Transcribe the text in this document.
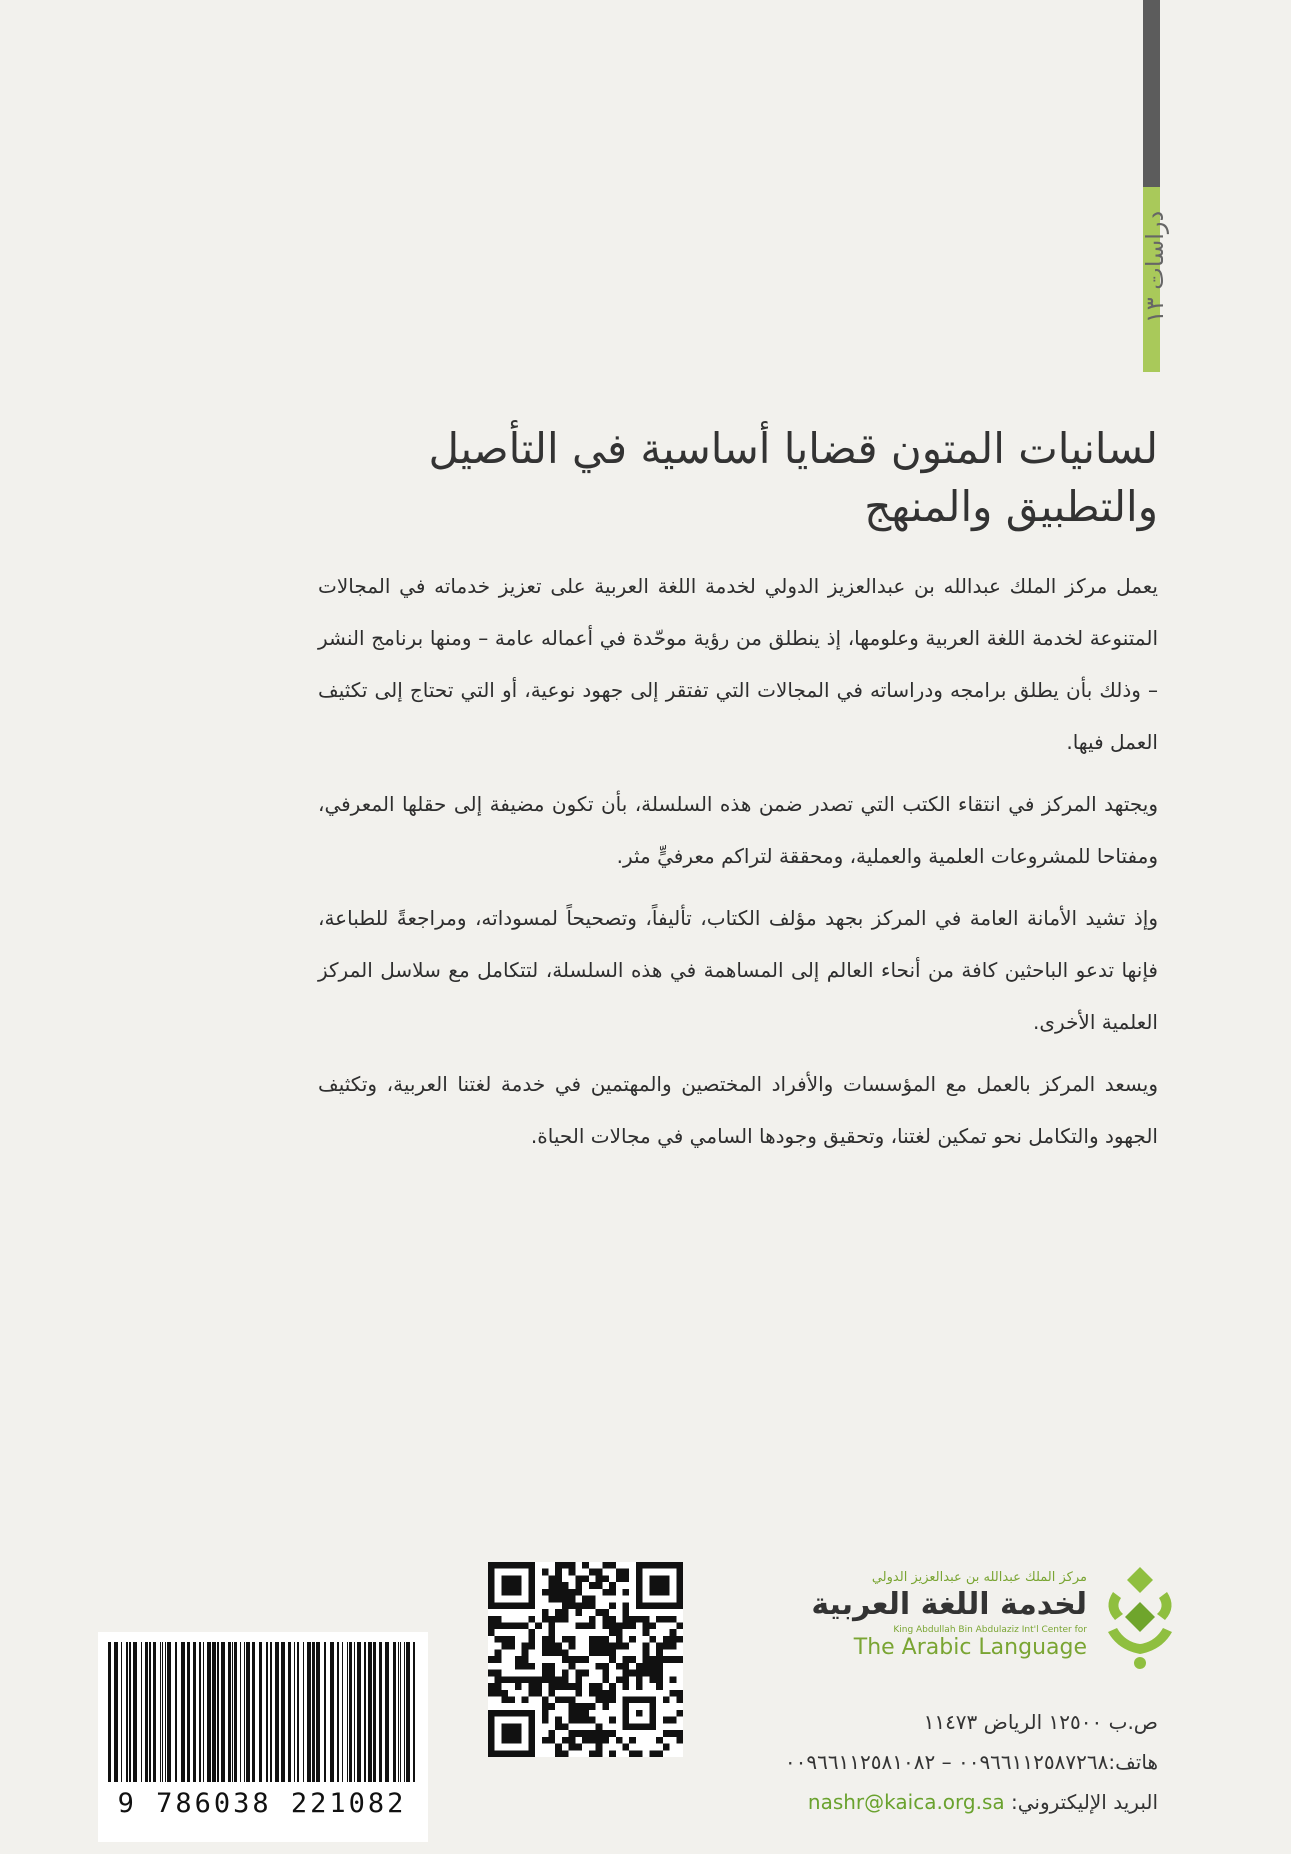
دراسات ١٣
لسانيات المتون قضايا أساسية في التأصيل
والتطبيق والمنهج

يعمل مركز الملك عبدالله بن عبدالعزيز الدولي لخدمة اللغة العربية على تعزيز خدماته في المجالات المتنوعة لخدمة اللغة العربية وعلومها، إذ ينطلق من رؤية موحّدة في أعماله عامة – ومنها برنامج النشر – وذلك بأن يطلق برامجه ودراساته في المجالات التي تفتقر إلى جهود نوعية، أو التي تحتاج إلى تكثيف العمل فيها.

ويجتهد المركز في انتقاء الكتب التي تصدر ضمن هذه السلسلة، بأن تكون مضيفة إلى حقلها المعرفي، ومفتاحا للمشروعات العلمية والعملية، ومحققة لتراكم معرفيٍّ مثر.

وإذ تشيد الأمانة العامة في المركز بجهد مؤلف الكتاب، تأليفاً، وتصحيحاً لمسوداته، ومراجعةً للطباعة، فإنها تدعو الباحثين كافة من أنحاء العالم إلى المساهمة في هذه السلسلة، لتتكامل مع سلاسل المركز العلمية الأخرى.

ويسعد المركز بالعمل مع المؤسسات والأفراد المختصين والمهتمين في خدمة لغتنا العربية، وتكثيف الجهود والتكامل نحو تمكين لغتنا، وتحقيق وجودها السامي في مجالات الحياة.

مركز الملك عبدالله بن عبدالعزيز الدولي
لخدمة اللغة العربية
King Abdullah Bin Abdulaziz Int'l Center for
The Arabic Language
ص.ب ١٢٥٠٠ الرياض ١١٤٧٣
هاتف:٠٠٩٦٦١١٢٥٨٧٢٦٨ – ٠٠٩٦٦١١٢٥٨١٠٨٢
البريد الإليكتروني: nashr@kaica.org.sa
9 786038 221082
